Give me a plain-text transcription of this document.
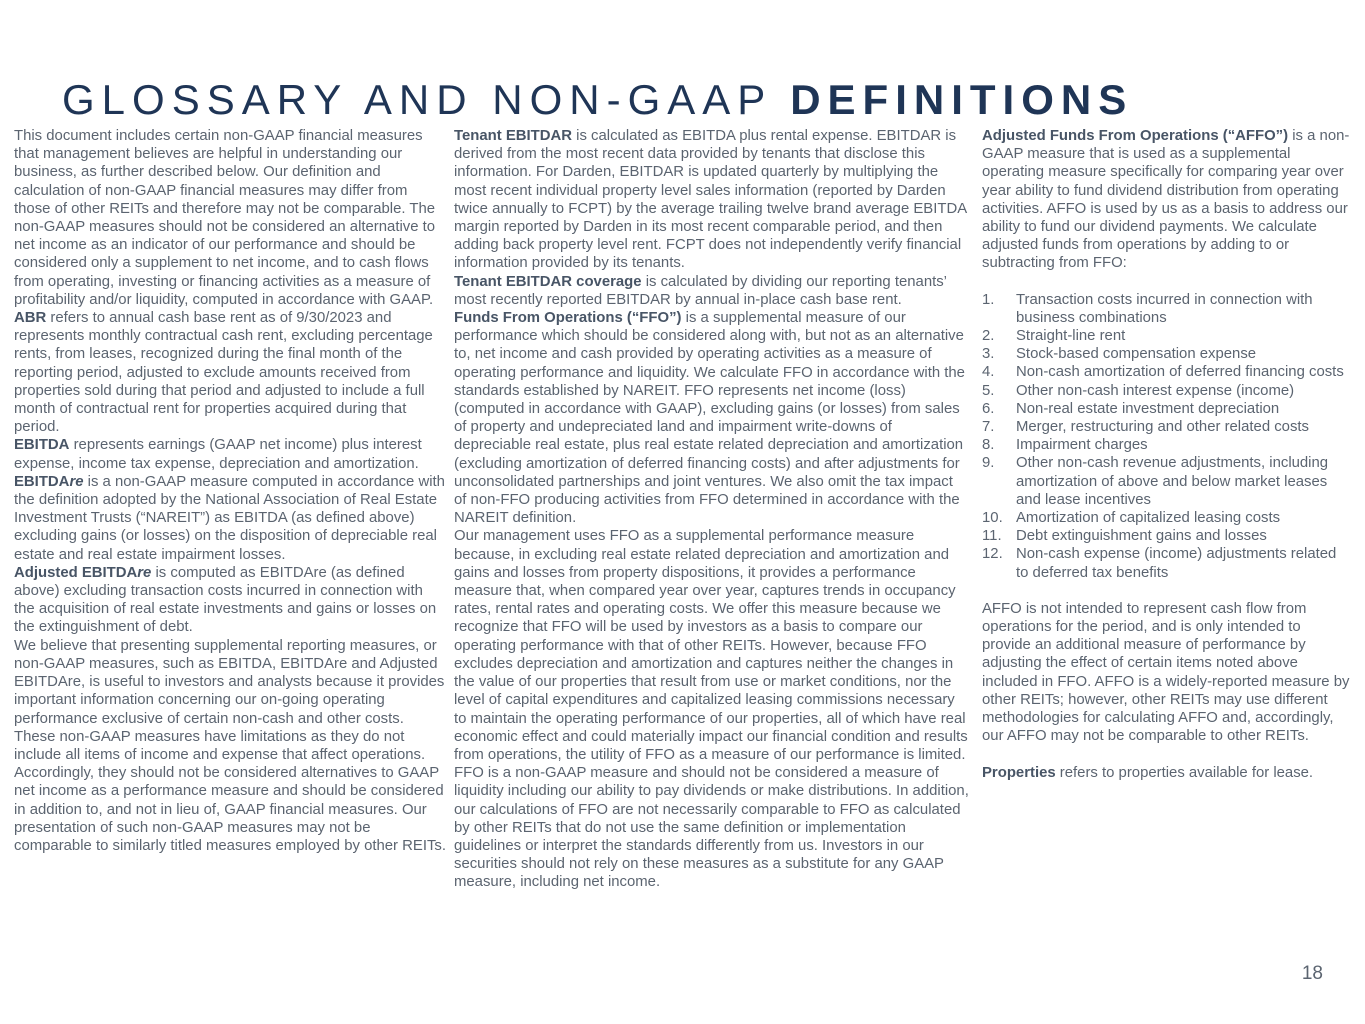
GLOSSARY AND NON-GAAP DEFINITIONS

This document includes certain non-GAAP financial measures that management believes are helpful in understanding our business, as further described below. Our definition and calculation of non-GAAP financial measures may differ from those of other REITs and therefore may not be comparable. The non-GAAP measures should not be considered an alternative to net income as an indicator of our performance and should be considered only a supplement to net income, and to cash flows from operating, investing or financing activities as a measure of profitability and/or liquidity, computed in accordance with GAAP.

ABR refers to annual cash base rent as of 9/30/2023 and represents monthly contractual cash rent, excluding percentage rents, from leases, recognized during the final month of the reporting period, adjusted to exclude amounts received from properties sold during that period and adjusted to include a full month of contractual rent for properties acquired during that period.

EBITDA represents earnings (GAAP net income) plus interest expense, income tax expense, depreciation and amortization.

EBITDAre is a non-GAAP measure computed in accordance with the definition adopted by the National Association of Real Estate Investment Trusts (“NAREIT”) as EBITDA (as defined above) excluding gains (or losses) on the disposition of depreciable real estate and real estate impairment losses.

Adjusted EBITDAre is computed as EBITDAre (as defined above) excluding transaction costs incurred in connection with the acquisition of real estate investments and gains or losses on the extinguishment of debt.

We believe that presenting supplemental reporting measures, or non-GAAP measures, such as EBITDA, EBITDAre and Adjusted EBITDAre, is useful to investors and analysts because it provides important information concerning our on-going operating performance exclusive of certain non-cash and other costs. These non-GAAP measures have limitations as they do not include all items of income and expense that affect operations. Accordingly, they should not be considered alternatives to GAAP net income as a performance measure and should be considered in addition to, and not in lieu of, GAAP financial measures. Our presentation of such non-GAAP measures may not be comparable to similarly titled measures employed by other REITs.

Tenant EBITDAR is calculated as EBITDA plus rental expense. EBITDAR is derived from the most recent data provided by tenants that disclose this information. For Darden, EBITDAR is updated quarterly by multiplying the most recent individual property level sales information (reported by Darden twice annually to FCPT) by the average trailing twelve brand average EBITDA margin reported by Darden in its most recent comparable period, and then adding back property level rent. FCPT does not independently verify financial information provided by its tenants.

Tenant EBITDAR coverage is calculated by dividing our reporting tenants’ most recently reported EBITDAR by annual in-place cash base rent.

Funds From Operations (“FFO”) is a supplemental measure of our performance which should be considered along with, but not as an alternative to, net income and cash provided by operating activities as a measure of operating performance and liquidity. We calculate FFO in accordance with the standards established by NAREIT. FFO represents net income (loss) (computed in accordance with GAAP), excluding gains (or losses) from sales of property and undepreciated land and impairment write-downs of depreciable real estate, plus real estate related depreciation and amortization (excluding amortization of deferred financing costs) and after adjustments for unconsolidated partnerships and joint ventures. We also omit the tax impact of non-FFO producing activities from FFO determined in accordance with the NAREIT definition.

Our management uses FFO as a supplemental performance measure because, in excluding real estate related depreciation and amortization and gains and losses from property dispositions, it provides a performance measure that, when compared year over year, captures trends in occupancy rates, rental rates and operating costs. We offer this measure because we recognize that FFO will be used by investors as a basis to compare our operating performance with that of other REITs. However, because FFO excludes depreciation and amortization and captures neither the changes in the value of our properties that result from use or market conditions, nor the level of capital expenditures and capitalized leasing commissions necessary to maintain the operating performance of our properties, all of which have real economic effect and could materially impact our financial condition and results from operations, the utility of FFO as a measure of our performance is limited. FFO is a non-GAAP measure and should not be considered a measure of liquidity including our ability to pay dividends or make distributions. In addition, our calculations of FFO are not necessarily comparable to FFO as calculated by other REITs that do not use the same definition or implementation guidelines or interpret the standards differently from us. Investors in our securities should not rely on these measures as a substitute for any GAAP measure, including net income.

Adjusted Funds From Operations (“AFFO”) is a non-GAAP measure that is used as a supplemental operating measure specifically for comparing year over year ability to fund dividend distribution from operating activities. AFFO is used by us as a basis to address our ability to fund our dividend payments. We calculate adjusted funds from operations by adding to or subtracting from FFO:

1.	Transaction costs incurred in connection with business combinations
2.	Straight-line rent
3.	Stock-based compensation expense
4.	Non-cash amortization of deferred financing costs
5.	Other non-cash interest expense (income)
6.	Non-real estate investment depreciation
7.	Merger, restructuring and other related costs
8.	Impairment charges
9.	Other non-cash revenue adjustments, including amortization of above and below market leases and lease incentives
10. Amortization of capitalized leasing costs
11. Debt extinguishment gains and losses
12. Non-cash expense (income) adjustments related to deferred tax benefits

AFFO is not intended to represent cash flow from operations for the period, and is only intended to provide an additional measure of performance by adjusting the effect of certain items noted above included in FFO. AFFO is a widely-reported measure by other REITs; however, other REITs may use different methodologies for calculating AFFO and, accordingly, our AFFO may not be comparable to other REITs.

Properties refers to properties available for lease.

18
